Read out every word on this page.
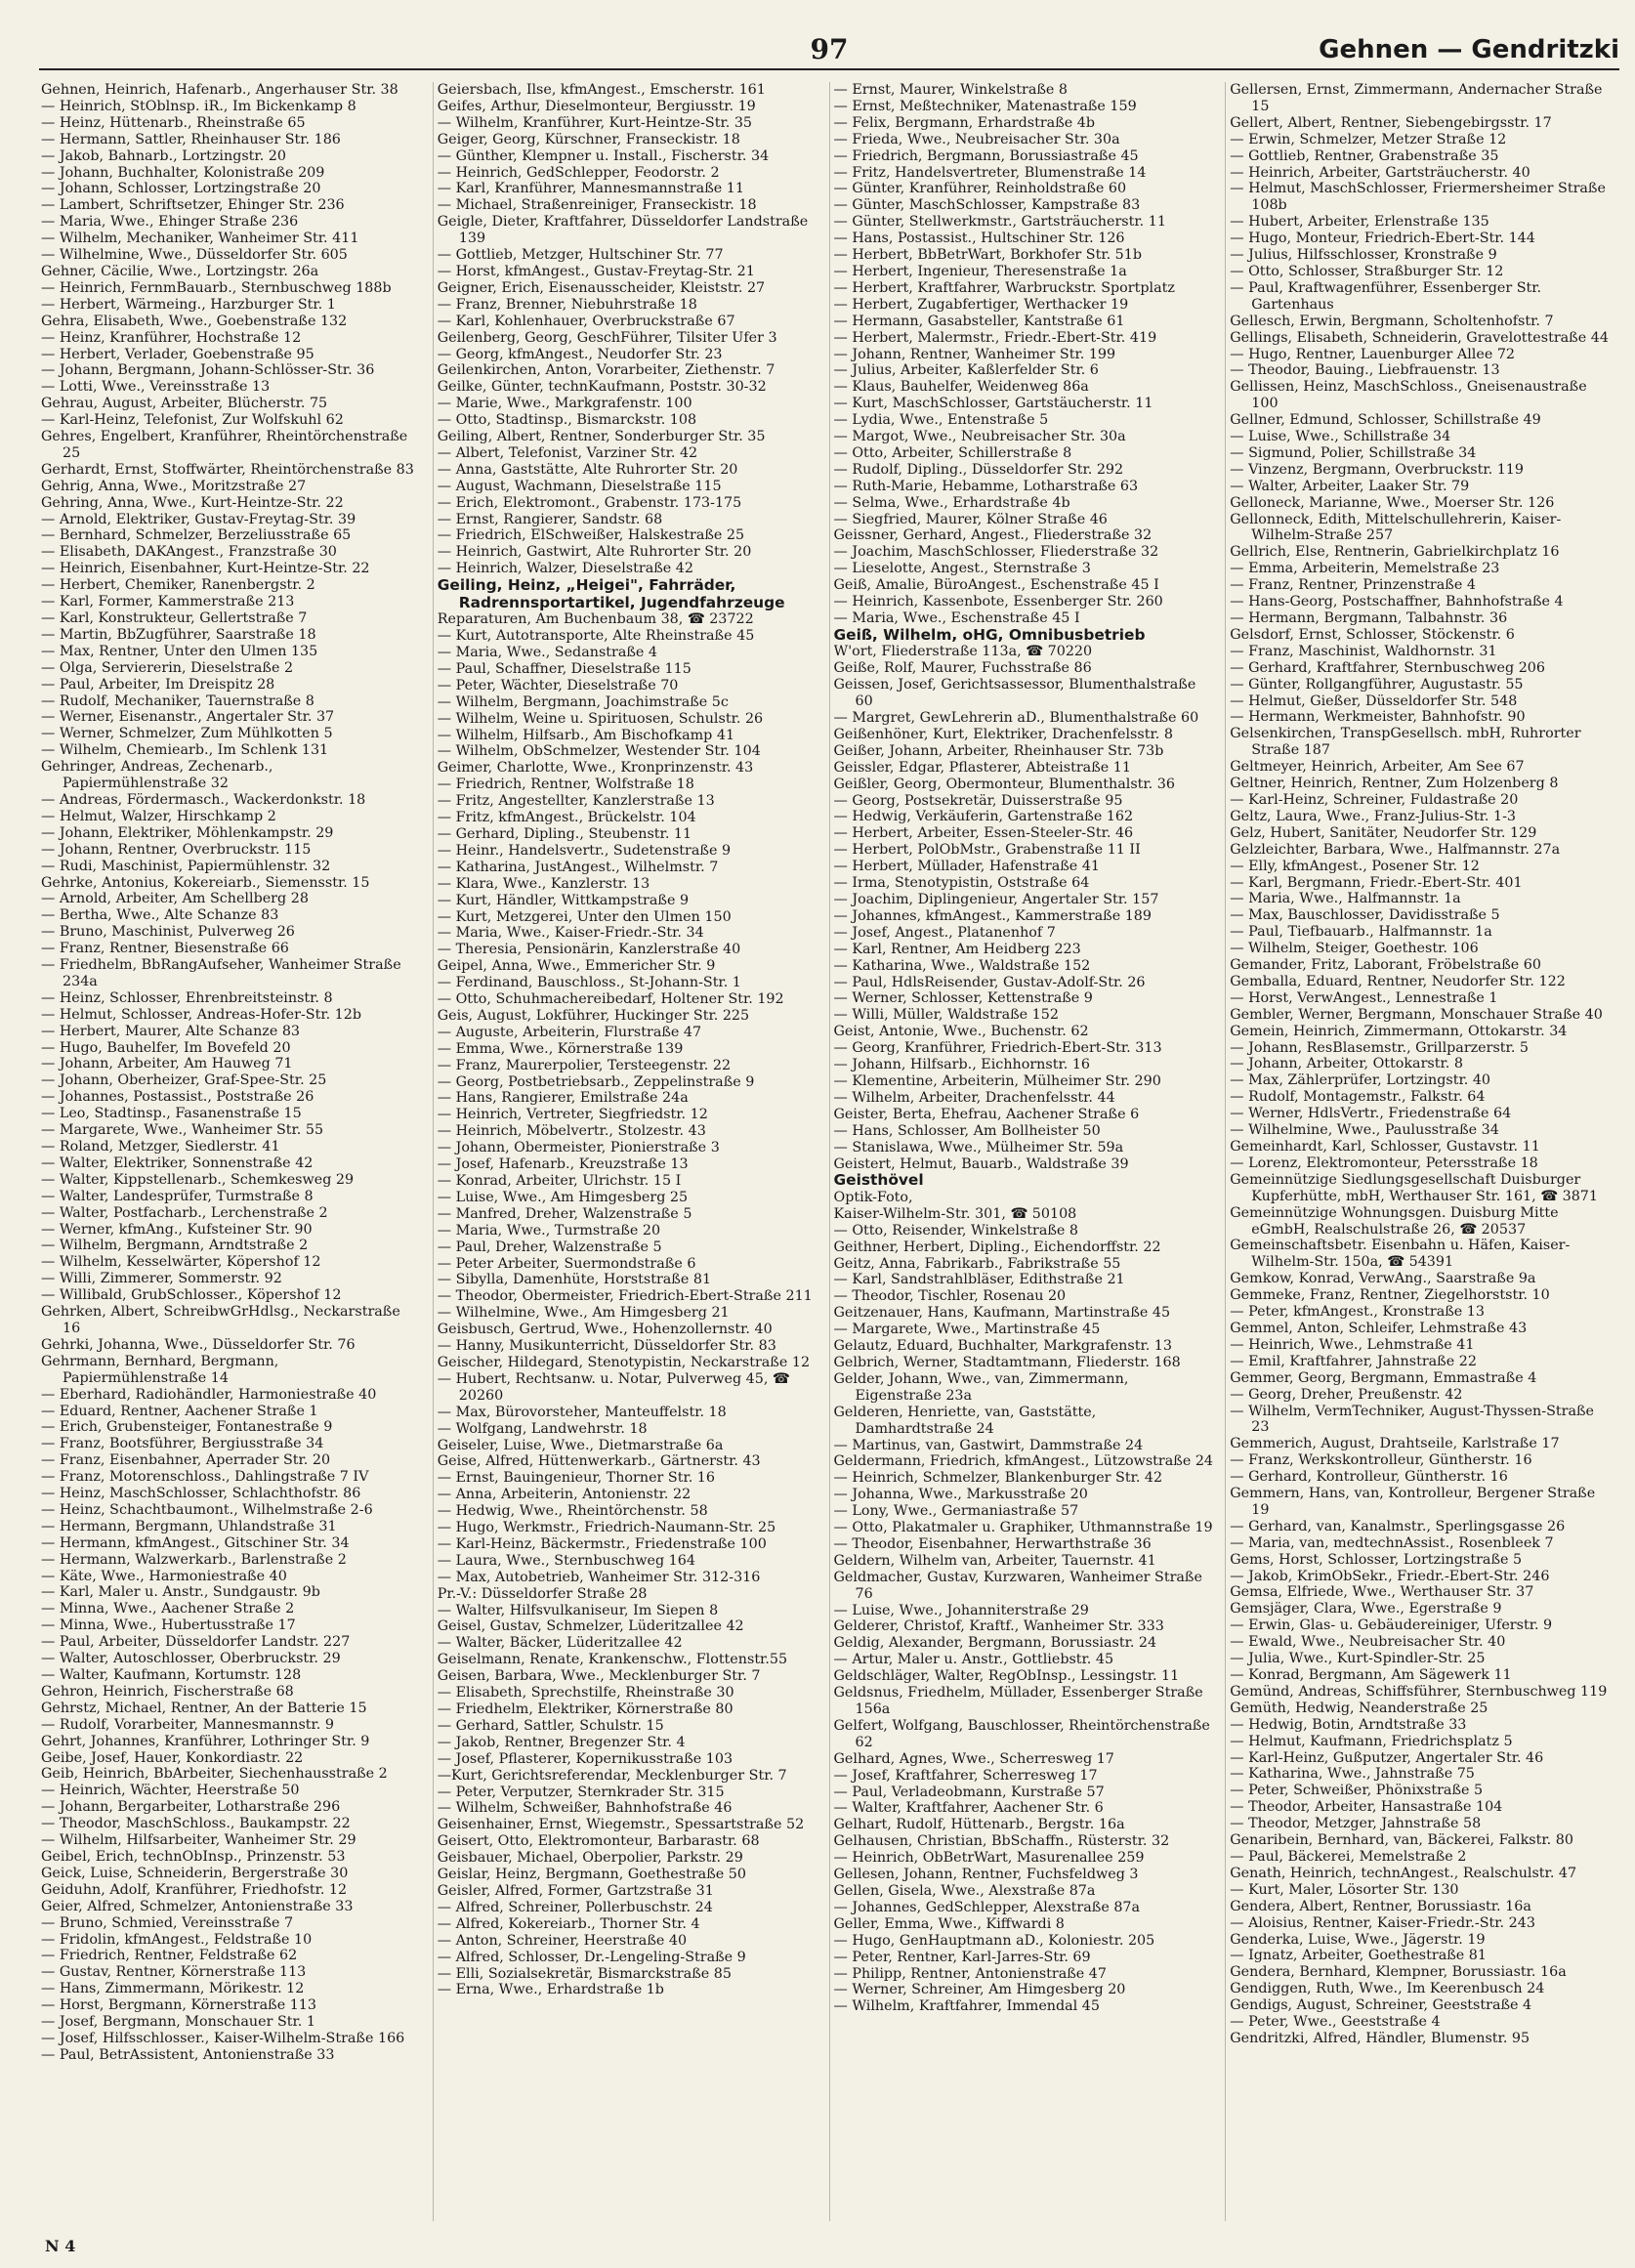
97	Gehnen — Gendritzki
Gehnen, Heinrich, Hafenarb., Angerhauser Str. 38
— Heinrich, StOblnsp. iR., Im Bickenkamp 8
— Heinz, Hüttenarb., Rheinstraße 65
— Hermann, Sattler, Rheinhauser Str. 186
— Jakob, Bahnarb., Lortzingstr. 20
— Johann, Buchhalter, Kolonistraße 209
— Johann, Schlosser, Lortzingstraße 20
— Lambert, Schriftsetzer, Ehinger Str. 236
— Maria, Wwe., Ehinger Straße 236
— Wilhelm, Mechaniker, Wanheimer Str. 411
— Wilhelmine, Wwe., Düsseldorfer Str. 605
Gehner, Cäcilie, Wwe., Lortzingstr. 26a
— Heinrich, FernmBauarb., Sternbuschweg 188b
— Herbert, Wärmeing., Harzburger Str. 1
Gehra, Elisabeth, Wwe., Goebenstraße 132
— Heinz, Kranführer, Hochstraße 12
— Herbert, Verlader, Goebenstraße 95
— Johann, Bergmann, Johann-Schlösser-Str. 36
— Lotti, Wwe., Vereinsstraße 13
Gehrau, August, Arbeiter, Blücherstr. 75
— Karl-Heinz, Telefonist, Zur Wolfskuhl 62
Gehres, Engelbert, Kranführer, Rheintörchenstraße 25
Gerhardt, Ernst, Stoffwärter, Rheintörchenstraße 83
Gehrig, Anna, Wwe., Moritzstraße 27
Gehring, Anna, Wwe., Kurt-Heintze-Str. 22
— Arnold, Elektriker, Gustav-Freytag-Str. 39
— Bernhard, Schmelzer, Berzeliusstraße 65
— Elisabeth, DAKAngest., Franzstraße 30
— Heinrich, Eisenbahner, Kurt-Heintze-Str. 22
— Herbert, Chemiker, Ranenbergstr. 2
— Karl, Former, Kammerstraße 213
— Karl, Konstrukteur, Gellertstraße 7
— Martin, BbZugführer, Saarstraße 18
— Max, Rentner, Unter den Ulmen 135
— Olga, Serviererin, Dieselstraße 2
— Paul, Arbeiter, Im Dreispitz 28
— Rudolf, Mechaniker, Tauernstraße 8
— Werner, Eisenanstr., Angertaler Str. 37
— Werner, Schmelzer, Zum Mühlkotten 5
— Wilhelm, Chemiearb., Im Schlenk 131
Gehringer, Andreas, Zechenarb., Papiermühlenstraße 32
— Andreas, Fördermasch., Wackerdonkstr. 18
— Helmut, Walzer, Hirschkamp 2
— Johann, Elektriker, Möhlenkampstr. 29
— Johann, Rentner, Overbruckstr. 115
— Rudi, Maschinist, Papiermühlenstr. 32
Gehrke, Antonius, Kokereiarb., Siemensstr. 15
— Arnold, Arbeiter, Am Schellberg 28
— Bertha, Wwe., Alte Schanze 83
— Bruno, Maschinist, Pulverweg 26
— Franz, Rentner, Biesenstraße 66
— Friedhelm, BbRangAufseher, Wanheimer Straße 234a
— Heinz, Schlosser, Ehrenbreitsteinstr. 8
— Helmut, Schlosser, Andreas-Hofer-Str. 12b
— Herbert, Maurer, Alte Schanze 83
— Hugo, Bauhelfer, Im Bovefeld 20
— Johann, Arbeiter, Am Hauweg 71
— Johann, Oberheizer, Graf-Spee-Str. 25
— Johannes, Postassist., Poststraße 26
— Leo, Stadtinsp., Fasanenstraße 15
— Margarete, Wwe., Wanheimer Str. 55
— Roland, Metzger, Siedlerstr. 41
— Walter, Elektriker, Sonnenstraße 42
— Walter, Kippstellenarb., Schemkesweg 29
— Walter, Landesprüfer, Turmstraße 8
— Walter, Postfacharb., Lerchenstraße 2
— Werner, kfmAng., Kufsteiner Str. 90
— Wilhelm, Bergmann, Arndtstraße 2
— Wilhelm, Kesselwärter, Köpershof 12
— Willi, Zimmerer, Sommerstr. 92
— Willibald, GrubSchlosser., Köpershof 12
Gehrken, Albert, SchreibwGrHdlsg., Neckarstraße 16
Gehrki, Johanna, Wwe., Düsseldorfer Str. 76
Gehrmann, Bernhard, Bergmann, Papiermühlenstraße 14
— Eberhard, Radiohändler, Harmoniestraße 40
— Eduard, Rentner, Aachener Straße 1
— Erich, Grubensteiger, Fontanestraße 9
— Franz, Bootsführer, Bergiusstraße 34
— Franz, Eisenbahner, Aperrader Str. 20
— Franz, Motorenschloss., Dahlingstraße 7 IV
— Heinz, MaschSchlosser, Schlachthofstr. 86
— Heinz, Schachtbaumont., Wilhelmstraße 2-6
— Hermann, Bergmann, Uhlandstraße 31
— Hermann, kfmAngest., Gitschiner Str. 34
— Hermann, Walzwerkarb., Barlenstraße 2
— Käte, Wwe., Harmoniestraße 40
— Karl, Maler u. Anstr., Sundgaustr. 9b
— Minna, Wwe., Aachener Straße 2
— Minna, Wwe., Hubertusstraße 17
— Paul, Arbeiter, Düsseldorfer Landstr. 227
— Walter, Autoschlosser, Oberbruckstr. 29
— Walter, Kaufmann, Kortumstr. 128
Gehron, Heinrich, Fischerstraße 68
Gehrstz, Michael, Rentner, An der Batterie 15
— Rudolf, Vorarbeiter, Mannesmannstr. 9
Gehrt, Johannes, Kranführer, Lothringer Str. 9
Geibe, Josef, Hauer, Konkordiastr. 22
Geib, Heinrich, BbArbeiter, Siechenhausstraße 2
— Heinrich, Wächter, Heerstraße 50
— Johann, Bergarbeiter, Lotharstraße 296
— Theodor, MaschSchloss., Baukampstr. 22
— Wilhelm, Hilfsarbeiter, Wanheimer Str. 29
Geibel, Erich, technObInsp., Prinzenstr. 53
Geick, Luise, Schneiderin, Bergerstraße 30
Geiduhn, Adolf, Kranführer, Friedhofstr. 12
Geier, Alfred, Schmelzer, Antonienstraße 33
— Bruno, Schmied, Vereinsstraße 7
— Fridolin, kfmAngest., Feldstraße 10
— Friedrich, Rentner, Feldstraße 62
— Gustav, Rentner, Körnerstraße 113
— Hans, Zimmermann, Mörikestr. 12
— Horst, Bergmann, Körnerstraße 113
— Josef, Bergmann, Monschauer Str. 1
— Josef, Hilfsschlosser., Kaiser-Wilhelm-Straße 166
— Paul, BetrAssistent, Antonienstraße 33
Geiersbach, Ilse, kfmAngest., Emscherstr. 161
Geifes, Arthur, Dieselmonteur, Bergiusstr. 19
— Wilhelm, Kranführer, Kurt-Heintze-Str. 35
Geiger, Georg, Kürschner, Franseckistr. 18
— Günther, Klempner u. Install., Fischerstr. 34
— Heinrich, GedSchlepper, Feodorstr. 2
— Karl, Kranführer, Mannesmannstraße 11
— Michael, Straßenreiniger, Franseckistr. 18
Geigle, Dieter, Kraftfahrer, Düsseldorfer Landstraße 139
— Gottlieb, Metzger, Hultschiner Str. 77
— Horst, kfmAngest., Gustav-Freytag-Str. 21
Geigner, Erich, Eisenausscheider, Kleiststr. 27
— Franz, Brenner, Niebuhrstraße 18
— Karl, Kohlenhauer, Overbruckstraße 67
Geilenberg, Georg, GeschFührer, Tilsiter Ufer 3
— Georg, kfmAngest., Neudorfer Str. 23
Geilenkirchen, Anton, Vorarbeiter, Ziethenstr. 7
Geilke, Günter, technKaufmann, Poststr. 30-32
— Marie, Wwe., Markgrafenstr. 100
— Otto, Stadtinsp., Bismarckstr. 108
Geiling, Albert, Rentner, Sonderburger Str. 35
— Albert, Telefonist, Varziner Str. 42
— Anna, Gaststätte, Alte Ruhrorter Str. 20
— August, Wachmann, Dieselstraße 115
— Erich, Elektromont., Grabenstr. 173-175
— Ernst, Rangierer, Sandstr. 68
— Friedrich, ElSchweißer, Halskestraße 25
— Heinrich, Gastwirt, Alte Ruhrorter Str. 20
— Heinrich, Walzer, Dieselstraße 42
Geiling, Heinz, „Heigei", Fahrräder, Radrennsportartikel, Jugendfahrzeuge
Reparaturen, Am Buchenbaum 38, ☎ 23722
— Kurt, Autotransporte, Alte Rheinstraße 45
— Maria, Wwe., Sedanstraße 4
— Paul, Schaffner, Dieselstraße 115
— Peter, Wächter, Dieselstraße 70
— Wilhelm, Bergmann, Joachimstraße 5c
— Wilhelm, Weine u. Spirituosen, Schulstr. 26
— Wilhelm, Hilfsarb., Am Bischofkamp 41
— Wilhelm, ObSchmelzer, Westender Str. 104
Geimer, Charlotte, Wwe., Kronprinzenstr. 43
— Friedrich, Rentner, Wolfstraße 18
— Fritz, Angestellter, Kanzlerstraße 13
— Fritz, kfmAngest., Brückelstr. 104
— Gerhard, Dipling., Steubenstr. 11
— Heinr., Handelsvertr., Sudetenstraße 9
— Katharina, JustAngest., Wilhelmstr. 7
— Klara, Wwe., Kanzlerstr. 13
— Kurt, Händler, Wittkampstraße 9
— Kurt, Metzgerei, Unter den Ulmen 150
— Maria, Wwe., Kaiser-Friedr.-Str. 34
— Theresia, Pensionärin, Kanzlerstraße 40
Geipel, Anna, Wwe., Emmericher Str. 9
— Ferdinand, Bauschloss., St-Johann-Str. 1
— Otto, Schuhmachereibedarf, Holtener Str. 192
Geis, August, Lokführer, Huckinger Str. 225
— Auguste, Arbeiterin, Flurstraße 47
— Emma, Wwe., Körnerstraße 139
— Franz, Maurerpolier, Tersteegenstr. 22
— Georg, Postbetriebsarb., Zeppelinstraße 9
— Hans, Rangierer, Emilstraße 24a
— Heinrich, Vertreter, Siegfriedstr. 12
— Heinrich, Möbelvertr., Stolzestr. 43
— Johann, Obermeister, Pionierstraße 3
— Josef, Hafenarb., Kreuzstraße 13
— Konrad, Arbeiter, Ulrichstr. 15 I
— Luise, Wwe., Am Himgesberg 25
— Manfred, Dreher, Walzenstraße 5
— Maria, Wwe., Turmstraße 20
— Paul, Dreher, Walzenstraße 5
— Peter Arbeiter, Suermondstraße 6
— Sibylla, Damenhüte, Horststraße 81
— Theodor, Obermeister, Friedrich-Ebert-Straße 211
— Wilhelmine, Wwe., Am Himgesberg 21
Geisbusch, Gertrud, Wwe., Hohenzollernstr. 40
— Hanny, Musikunterricht, Düsseldorfer Str. 83
Geischer, Hildegard, Stenotypistin, Neckarstraße 12
— Hubert, Rechtsanw. u. Notar, Pulverweg 45, ☎ 20260
— Max, Bürovorsteher, Manteuffelstr. 18
— Wolfgang, Landwehrstr. 18
Geiseler, Luise, Wwe., Dietmarstraße 6a
Geise, Alfred, Hüttenwerkarb., Gärtnerstr. 43
— Ernst, Bauingenieur, Thorner Str. 16
— Anna, Arbeiterin, Antonienstr. 22
— Hedwig, Wwe., Rheintörchenstr. 58
— Hugo, Werkmstr., Friedrich-Naumann-Str. 25
— Karl-Heinz, Bäckermstr., Friedenstraße 100
— Laura, Wwe., Sternbuschweg 164
— Max, Autobetrieb, Wanheimer Str. 312-316
Pr.-V.: Düsseldorfer Straße 28
— Walter, Hilfsvulkaniseur, Im Siepen 8
Geisel, Gustav, Schmelzer, Lüderitzallee 42
— Walter, Bäcker, Lüderitzallee 42
Geiselmann, Renate, Krankenschw., Flottenstr.55
Geisen, Barbara, Wwe., Mecklenburger Str. 7
— Elisabeth, Sprechstilfe, Rheinstraße 30
— Friedhelm, Elektriker, Körnerstraße 80
— Gerhard, Sattler, Schulstr. 15
— Jakob, Rentner, Bregenzer Str. 4
— Josef, Pflasterer, Kopernikusstraße 103
—Kurt, Gerichtsreferendar, Mecklenburger Str. 7
— Peter, Verputzer, Sternkrader Str. 315
— Wilhelm, Schweißer, Bahnhofstraße 46
Geisenhainer, Ernst, Wiegemstr., Spessartstraße 52
Geisert, Otto, Elektromonteur, Barbarastr. 68
Geisbauer, Michael, Oberpolier, Parkstr. 29
Geislar, Heinz, Bergmann, Goethestraße 50
Geisler, Alfred, Former, Gartzstraße 31
— Alfred, Schreiner, Pollerbuschstr. 24
— Alfred, Kokereiarb., Thorner Str. 4
— Anton, Schreiner, Heerstraße 40
— Alfred, Schlosser, Dr.-Lengeling-Straße 9
— Elli, Sozialsekretär, Bismarckstraße 85
— Erna, Wwe., Erhardstraße 1b
— Ernst, Maurer, Winkelstraße 8
— Ernst, Meßtechniker, Matenastraße 159
— Felix, Bergmann, Erhardstraße 4b
— Frieda, Wwe., Neubreisacher Str. 30a
— Friedrich, Bergmann, Borussiastraße 45
— Fritz, Handelsvertreter, Blumenstraße 14
— Günter, Kranführer, Reinholdstraße 60
— Günter, MaschSchlosser, Kampstraße 83
— Günter, Stellwerkmstr., Gartsträucherstr. 11
— Hans, Postassist., Hultschiner Str. 126
— Herbert, BbBetrWart, Borkhofer Str. 51b
— Herbert, Ingenieur, Theresenstraße 1a
— Herbert, Kraftfahrer, Warbruckstr. Sportplatz
— Herbert, Zugabfertiger, Werthacker 19
— Hermann, Gasabsteller, Kantstraße 61
— Herbert, Malermstr., Friedr.-Ebert-Str. 419
— Johann, Rentner, Wanheimer Str. 199
— Julius, Arbeiter, Kaßlerfelder Str. 6
— Klaus, Bauhelfer, Weidenweg 86a
— Kurt, MaschSchlosser, Gartstäucherstr. 11
— Lydia, Wwe., Entenstraße 5
— Margot, Wwe., Neubreisacher Str. 30a
— Otto, Arbeiter, Schillerstraße 8
— Rudolf, Dipling., Düsseldorfer Str. 292
— Ruth-Marie, Hebamme, Lotharstraße 63
— Selma, Wwe., Erhardstraße 4b
— Siegfried, Maurer, Kölner Straße 46
Geissner, Gerhard, Angest., Fliederstraße 32
— Joachim, MaschSchlosser, Fliederstraße 32
— Lieselotte, Angest., Sternstraße 3
Geiß, Amalie, BüroAngest., Eschenstraße 45 I
— Heinrich, Kassenbote, Essenberger Str. 260
— Maria, Wwe., Eschenstraße 45 I
Geiß, Wilhelm, oHG, Omnibusbetrieb
W'ort, Fliederstraße 113a, ☎ 70220
Geiße, Rolf, Maurer, Fuchsstraße 86
Geissen, Josef, Gerichtsassessor, Blumenthalstraße 60
— Margret, GewLehrerin aD., Blumenthalstraße 60
Geißenhöner, Kurt, Elektriker, Drachenfelsstr. 8
Geißer, Johann, Arbeiter, Rheinhauser Str. 73b
Geissler, Edgar, Pflasterer, Abteistraße 11
Geißler, Georg, Obermonteur, Blumenthalstr. 36
— Georg, Postsekretär, Duisserstraße 95
— Hedwig, Verkäuferin, Gartenstraße 162
— Herbert, Arbeiter, Essen-Steeler-Str. 46
— Herbert, PolObMstr., Grabenstraße 11 II
— Herbert, Müllader, Hafenstraße 41
— Irma, Stenotypistin, Oststraße 64
— Joachim, Diplingenieur, Angertaler Str. 157
— Johannes, kfmAngest., Kammerstraße 189
— Josef, Angest., Platanenhof 7
— Karl, Rentner, Am Heidberg 223
— Katharina, Wwe., Waldstraße 152
— Paul, HdlsReisender, Gustav-Adolf-Str. 26
— Werner, Schlosser, Kettenstraße 9
— Willi, Müller, Waldstraße 152
Geist, Antonie, Wwe., Buchenstr. 62
— Georg, Kranführer, Friedrich-Ebert-Str. 313
— Johann, Hilfsarb., Eichhornstr. 16
— Klementine, Arbeiterin, Mülheimer Str. 290
— Wilhelm, Arbeiter, Drachenfelsstr. 44
Geister, Berta, Ehefrau, Aachener Straße 6
— Hans, Schlosser, Am Bollheister 50
— Stanislawa, Wwe., Mülheimer Str. 59a
Geistert, Helmut, Bauarb., Waldstraße 39
Geisthövel
Optik-Foto,
Kaiser-Wilhelm-Str. 301, ☎ 50108
— Otto, Reisender, Winkelstraße 8
Geithner, Herbert, Dipling., Eichendorffstr. 22
Geitz, Anna, Fabrikarb., Fabrikstraße 55
— Karl, Sandstrahlbläser, Edithstraße 21
— Theodor, Tischler, Rosenau 20
Geitzenauer, Hans, Kaufmann, Martinstraße 45
— Margarete, Wwe., Martinstraße 45
Gelautz, Eduard, Buchhalter, Markgrafenstr. 13
Gelbrich, Werner, Stadtamtmann, Fliederstr. 168
Gelder, Johann, Wwe., van, Zimmermann, Eigenstraße 23a
Gelderen, Henriette, van, Gaststätte, Damhardtstraße 24
— Martinus, van, Gastwirt, Dammstraße 24
Geldermann, Friedrich, kfmAngest., Lützowstraße 24
— Heinrich, Schmelzer, Blankenburger Str. 42
— Johanna, Wwe., Markusstraße 20
— Lony, Wwe., Germaniastraße 57
— Otto, Plakatmaler u. Graphiker, Uthmannstraße 19
— Theodor, Eisenbahner, Herwarthstraße 36
Geldern, Wilhelm van, Arbeiter, Tauernstr. 41
Geldmacher, Gustav, Kurzwaren, Wanheimer Straße 76
— Luise, Wwe., Johanniterstraße 29
Gelderer, Christof, Kraftf., Wanheimer Str. 333
Geldig, Alexander, Bergmann, Borussiastr. 24
— Artur, Maler u. Anstr., Gottliebstr. 45
Geldschläger, Walter, RegObInsp., Lessingstr. 11
Geldsnus, Friedhelm, Müllader, Essenberger Straße 156a
Gelfert, Wolfgang, Bauschlosser, Rheintörchenstraße 62
Gelhard, Agnes, Wwe., Scherresweg 17
— Josef, Kraftfahrer, Scherresweg 17
— Paul, Verladeobmann, Kurstraße 57
— Walter, Kraftfahrer, Aachener Str. 6
Gelhart, Rudolf, Hüttenarb., Bergstr. 16a
Gelhausen, Christian, BbSchaffn., Rüsterstr. 32
— Heinrich, ObBetrWart, Masurenallee 259
Gellesen, Johann, Rentner, Fuchsfeldweg 3
Gellen, Gisela, Wwe., Alexstraße 87a
— Johannes, GedSchlepper, Alexstraße 87a
Geller, Emma, Wwe., Kiffwardi 8
— Hugo, GenHauptmann aD., Koloniestr. 205
— Peter, Rentner, Karl-Jarres-Str. 69
— Philipp, Rentner, Antonienstraße 47
— Werner, Schreiner, Am Himgesberg 20
— Wilhelm, Kraftfahrer, Immendal 45
Gellersen, Ernst, Zimmermann, Andernacher Straße 15
Gellert, Albert, Rentner, Siebengebirgsstr. 17
— Erwin, Schmelzer, Metzer Straße 12
— Gottlieb, Rentner, Grabenstraße 35
— Heinrich, Arbeiter, Gartsträucherstr. 40
— Helmut, MaschSchlosser, Friermersheimer Straße 108b
— Hubert, Arbeiter, Erlenstraße 135
— Hugo, Monteur, Friedrich-Ebert-Str. 144
— Julius, Hilfsschlosser, Kronstraße 9
— Otto, Schlosser, Straßburger Str. 12
— Paul, Kraftwagenführer, Essenberger Str. Gartenhaus
Gellesch, Erwin, Bergmann, Scholtenhofstr. 7
Gellings, Elisabeth, Schneiderin, Gravelottestraße 44
— Hugo, Rentner, Lauenburger Allee 72
— Theodor, Bauing., Liebfrauenstr. 13
Gellissen, Heinz, MaschSchloss., Gneisenaustraße 100
Gellner, Edmund, Schlosser, Schillstraße 49
— Luise, Wwe., Schillstraße 34
— Sigmund, Polier, Schillstraße 34
— Vinzenz, Bergmann, Overbruckstr. 119
— Walter, Arbeiter, Laaker Str. 79
Gelloneck, Marianne, Wwe., Moerser Str. 126
Gellonneck, Edith, Mittelschullehrerin, Kaiser-Wilhelm-Straße 257
Gellrich, Else, Rentnerin, Gabrielkirchplatz 16
— Emma, Arbeiterin, Memelstraße 23
— Franz, Rentner, Prinzenstraße 4
— Hans-Georg, Postschaffner, Bahnhofstraße 4
— Hermann, Bergmann, Talbahnstr. 36
Gelsdorf, Ernst, Schlosser, Stöckenstr. 6
— Franz, Maschinist, Waldhornstr. 31
— Gerhard, Kraftfahrer, Sternbuschweg 206
— Günter, Rollgangführer, Augustastr. 55
— Helmut, Gießer, Düsseldorfer Str. 548
— Hermann, Werkmeister, Bahnhofstr. 90
Gelsenkirchen, TranspGesellsch. mbH, Ruhrorter Straße 187
Geltmeyer, Heinrich, Arbeiter, Am See 67
Geltner, Heinrich, Rentner, Zum Holzenberg 8
— Karl-Heinz, Schreiner, Fuldastraße 20
Geltz, Laura, Wwe., Franz-Julius-Str. 1-3
Gelz, Hubert, Sanitäter, Neudorfer Str. 129
Gelzleichter, Barbara, Wwe., Halfmannstr. 27a
— Elly, kfmAngest., Posener Str. 12
— Karl, Bergmann, Friedr.-Ebert-Str. 401
— Maria, Wwe., Halfmannstr. 1a
— Max, Bauschlosser, Davidisstraße 5
— Paul, Tiefbauarb., Halfmannstr. 1a
— Wilhelm, Steiger, Goethestr. 106
Gemander, Fritz, Laborant, Fröbelstraße 60
Gemballa, Eduard, Rentner, Neudorfer Str. 122
— Horst, VerwAngest., Lennestraße 1
Gembler, Werner, Bergmann, Monschauer Straße 40
Gemein, Heinrich, Zimmermann, Ottokarstr. 34
— Johann, ResBlasemstr., Grillparzerstr. 5
— Johann, Arbeiter, Ottokarstr. 8
— Max, Zählerprüfer, Lortzingstr. 40
— Rudolf, Montagemstr., Falkstr. 64
— Werner, HdlsVertr., Friedenstraße 64
— Wilhelmine, Wwe., Paulusstraße 34
Gemeinhardt, Karl, Schlosser, Gustavstr. 11
— Lorenz, Elektromonteur, Petersstraße 18
Gemeinnützige Siedlungsgesellschaft Duisburger Kupferhütte, mbH, Werthauser Str. 161, ☎ 3871
Gemeinnützige Wohnungsgen. Duisburg Mitte eGmbH, Realschulstraße 26, ☎ 20537
Gemeinschaftsbetr. Eisenbahn u. Häfen, Kaiser-Wilhelm-Str. 150a, ☎ 54391
Gemkow, Konrad, VerwAng., Saarstraße 9a
Gemmeke, Franz, Rentner, Ziegelhorststr. 10
— Peter, kfmAngest., Kronstraße 13
Gemmel, Anton, Schleifer, Lehmstraße 43
— Heinrich, Wwe., Lehmstraße 41
— Emil, Kraftfahrer, Jahnstraße 22
Gemmer, Georg, Bergmann, Emmastraße 4
— Georg, Dreher, Preußenstr. 42
— Wilhelm, VermTechniker, August-Thyssen-Straße 23
Gemmerich, August, Drahtseile, Karlstraße 17
— Franz, Werkskontrolleur, Güntherstr. 16
— Gerhard, Kontrolleur, Güntherstr. 16
Gemmern, Hans, van, Kontrolleur, Bergener Straße 19
— Gerhard, van, Kanalmstr., Sperlingsgasse 26
— Maria, van, medtechnAssist., Rosenbleek 7
Gems, Horst, Schlosser, Lortzingstraße 5
— Jakob, KrimObSekr., Friedr.-Ebert-Str. 246
Gemsa, Elfriede, Wwe., Werthauser Str. 37
Gemsjäger, Clara, Wwe., Egerstraße 9
— Erwin, Glas- u. Gebäudereiniger, Uferstr. 9
— Ewald, Wwe., Neubreisacher Str. 40
— Julia, Wwe., Kurt-Spindler-Str. 25
— Konrad, Bergmann, Am Sägewerk 11
Gemünd, Andreas, Schiffsführer, Sternbuschweg 119
Gemüth, Hedwig, Neanderstraße 25
— Hedwig, Botin, Arndtstraße 33
— Helmut, Kaufmann, Friedrichsplatz 5
— Karl-Heinz, Gußputzer, Angertaler Str. 46
— Katharina, Wwe., Jahnstraße 75
— Peter, Schweißer, Phönixstraße 5
— Theodor, Arbeiter, Hansastraße 104
— Theodor, Metzger, Jahnstraße 58
Genaribein, Bernhard, van, Bäckerei, Falkstr. 80
— Paul, Bäckerei, Memelstraße 2
Genath, Heinrich, technAngest., Realschulstr. 47
— Kurt, Maler, Lösorter Str. 130
Gendera, Albert, Rentner, Borussiastr. 16a
— Aloisius, Rentner, Kaiser-Friedr.-Str. 243
Genderka, Luise, Wwe., Jägerstr. 19
— Ignatz, Arbeiter, Goethestraße 81
Gendera, Bernhard, Klempner, Borussiastr. 16a
Gendiggen, Ruth, Wwe., Im Keerenbusch 24
Gendigs, August, Schreiner, Geeststraße 4
— Peter, Wwe., Geeststraße 4
Gendritzki, Alfred, Händler, Blumenstr. 95
N 4
